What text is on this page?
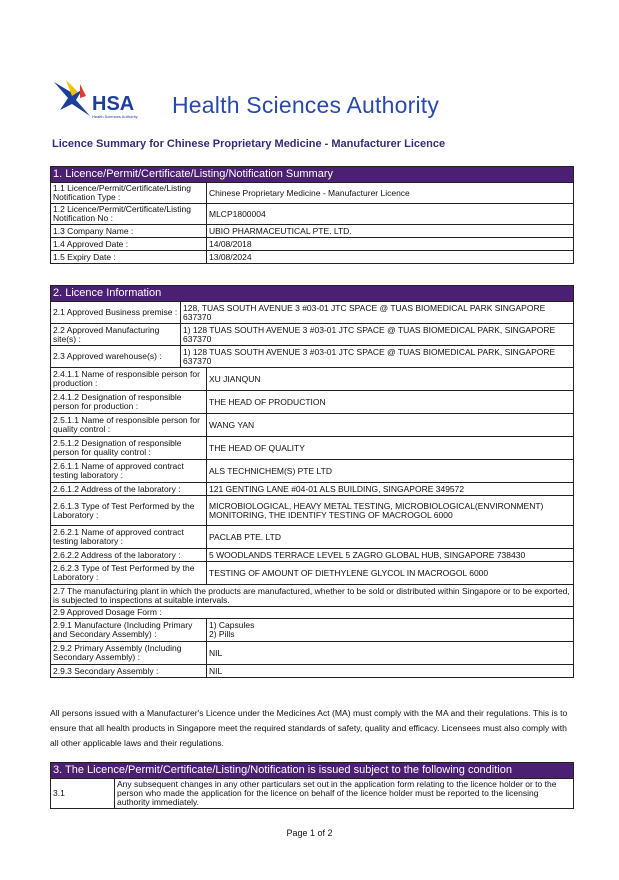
HSA
Health Sciences Authority Health Sciences Authority
Licence Summary for Chinese Proprietary Medicine - Manufacturer Licence
1. Licence/Permit/Certificate/Listing/Notification Summary	
1.1 Licence/Permit/Certificate/Listing Notification Type :	Chinese Proprietary Medicine - Manufacturer Licence
1.2 Licence/Permit/Certificate/Listing Notification No :	MLCP1800004
1.3 Company Name :	UBIO PHARMACEUTICAL PTE. LTD.
1.4 Approved Date :	14/08/2018
1.5 Expiry Date :	13/08/2024
2. Licence Information		
2.1 Approved Business premise :	128, TUAS SOUTH AVENUE 3 #03-01 JTC SPACE @ TUAS BIOMEDICAL PARK SINGAPORE 637370	
2.2 Approved Manufacturing site(s) :	1) 128 TUAS SOUTH AVENUE 3 #03-01 JTC SPACE @ TUAS BIOMEDICAL PARK, SINGAPORE 637370	
2.3 Approved warehouse(s) :	1) 128 TUAS SOUTH AVENUE 3 #03-01 JTC SPACE @ TUAS BIOMEDICAL PARK, SINGAPORE 637370	
2.4.1.1 Name of responsible person for production :		XU JIANQUN
2.4.1.2 Designation of responsible person for production :		THE HEAD OF PRODUCTION
2.5.1.1 Name of responsible person for quality control :		WANG YAN
2.5.1.2 Designation of responsible person for quality control :		THE HEAD OF QUALITY
2.6.1.1 Name of approved contract testing laboratory :		ALS TECHNICHEM(S) PTE LTD
2.6.1.2 Address of the laboratory :		121 GENTING LANE #04-01 ALS BUILDING, SINGAPORE 349572
2.6.1.3 Type of Test Performed by the Laboratory :		MICROBIOLOGICAL, HEAVY METAL TESTING, MICROBIOLOGICAL(ENVIRONMENT) MONITORING, THE IDENTIFY TESTING OF MACROGOL 6000
2.6.2.1 Name of approved contract testing laboratory :		PACLAB PTE. LTD
2.6.2.2 Address of the laboratory :		5 WOODLANDS TERRACE LEVEL 5 ZAGRO GLOBAL HUB, SINGAPORE 738430
2.6.2.3 Type of Test Performed by the Laboratory :		TESTING OF AMOUNT OF DIETHYLENE GLYCOL IN MACROGOL 6000
2.7 The manufacturing plant in which the products are manufactured, whether to be sold or distributed within Singapore or to be exported, is subjected to inspections at suitable intervals.		
2.9 Approved Dosage Form :		
2.9.1 Manufacture (Including Primary and Secondary Assembly) :		1) Capsules
2) Pills

2.9.2 Primary Assembly (Including Secondary Assembly) :		NIL
2.9.3 Secondary Assembly :		NIL
All persons issued with a Manufacturer's Licence under the Medicines Act (MA) must comply with the MA and their regulations. This is to ensure that all health products in Singapore meet the required standards of safety, quality and efficacy. Licensees must also comply with all other applicable laws and their regulations.
3. The Licence/Permit/Certificate/Listing/Notification is issued subject to the following condition
3.1	Any subsequent changes in any other particulars set out in the application form relating to the licence holder or to the person who made the application for the licence on behalf of the licence holder must be reported to the licensing authority immediately.
Page 1 of 2
